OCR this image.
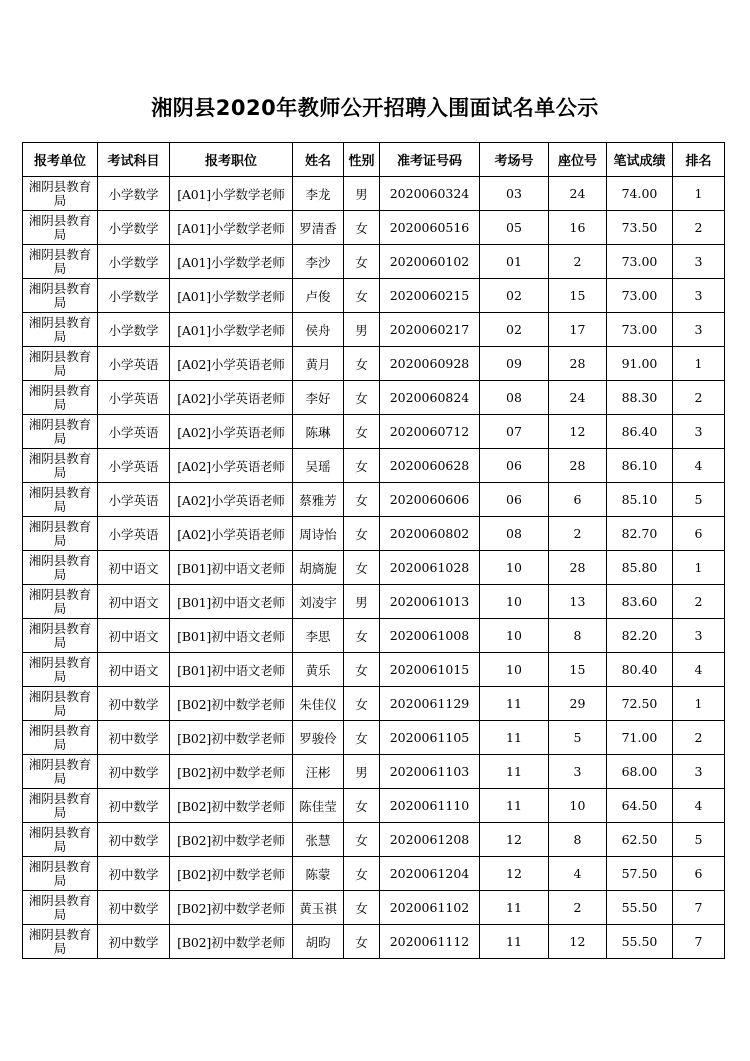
湘阴县2020年教师公开招聘入围面试名单公示
报考单位	考试科目	报考职位	姓名	性别	准考证号码	考场号	座位号	笔试成绩	排名
湘阴县教育局	小学数学	[A01]小学数学老师	李龙	男	2020060324	03	24	74.00	1
湘阴县教育局	小学数学	[A01]小学数学老师	罗清香	女	2020060516	05	16	73.50	2
湘阴县教育局	小学数学	[A01]小学数学老师	李沙	女	2020060102	01	2	73.00	3
湘阴县教育局	小学数学	[A01]小学数学老师	卢俊	女	2020060215	02	15	73.00	3
湘阴县教育局	小学数学	[A01]小学数学老师	侯舟	男	2020060217	02	17	73.00	3
湘阴县教育局	小学英语	[A02]小学英语老师	黄月	女	2020060928	09	28	91.00	1
湘阴县教育局	小学英语	[A02]小学英语老师	李好	女	2020060824	08	24	88.30	2
湘阴县教育局	小学英语	[A02]小学英语老师	陈琳	女	2020060712	07	12	86.40	3
湘阴县教育局	小学英语	[A02]小学英语老师	吴瑶	女	2020060628	06	28	86.10	4
湘阴县教育局	小学英语	[A02]小学英语老师	蔡雅芳	女	2020060606	06	6	85.10	5
湘阴县教育局	小学英语	[A02]小学英语老师	周诗怡	女	2020060802	08	2	82.70	6
湘阴县教育局	初中语文	[B01]初中语文老师	胡旖旎	女	2020061028	10	28	85.80	1
湘阴县教育局	初中语文	[B01]初中语文老师	刘凌宇	男	2020061013	10	13	83.60	2
湘阴县教育局	初中语文	[B01]初中语文老师	李思	女	2020061008	10	8	82.20	3
湘阴县教育局	初中语文	[B01]初中语文老师	黄乐	女	2020061015	10	15	80.40	4
湘阴县教育局	初中数学	[B02]初中数学老师	朱佳仪	女	2020061129	11	29	72.50	1
湘阴县教育局	初中数学	[B02]初中数学老师	罗骏伶	女	2020061105	11	5	71.00	2
湘阴县教育局	初中数学	[B02]初中数学老师	汪彬	男	2020061103	11	3	68.00	3
湘阴县教育局	初中数学	[B02]初中数学老师	陈佳莹	女	2020061110	11	10	64.50	4
湘阴县教育局	初中数学	[B02]初中数学老师	张慧	女	2020061208	12	8	62.50	5
湘阴县教育局	初中数学	[B02]初中数学老师	陈蒙	女	2020061204	12	4	57.50	6
湘阴县教育局	初中数学	[B02]初中数学老师	黄玉祺	女	2020061102	11	2	55.50	7
湘阴县教育局	初中数学	[B02]初中数学老师	胡昀	女	2020061112	11	12	55.50	7
